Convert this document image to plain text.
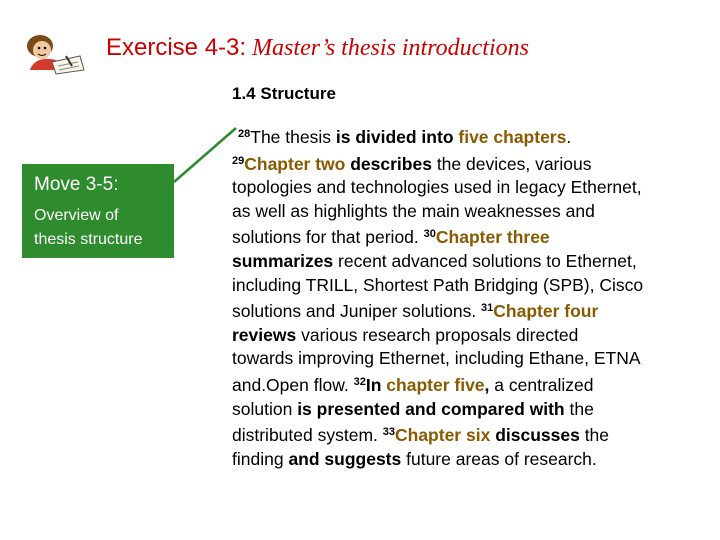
Exercise 4-3: Master’s thesis introductions
1.4 Structure
Move 3-5:
Overview of thesis structure
$^{28}$The thesis is divided into five chapters.
$^{29}$Chapter two describes the devices, various
topologies and technologies used in legacy Ethernet,
as well as highlights the main weaknesses and
solutions for that period. $^{30}$Chapter three
summarizes recent advanced solutions to Ethernet,
including TRILL, Shortest Path Bridging (SPB), Cisco
solutions and Juniper solutions. $^{31}$Chapter four
reviews various research proposals directed
towards improving Ethernet, including Ethane, ETNA
and.Open flow. $^{32}$In chapter five, a centralized
solution is presented and compared with the
distributed system. $^{33}$Chapter six discusses the
finding and suggests future areas of research.
